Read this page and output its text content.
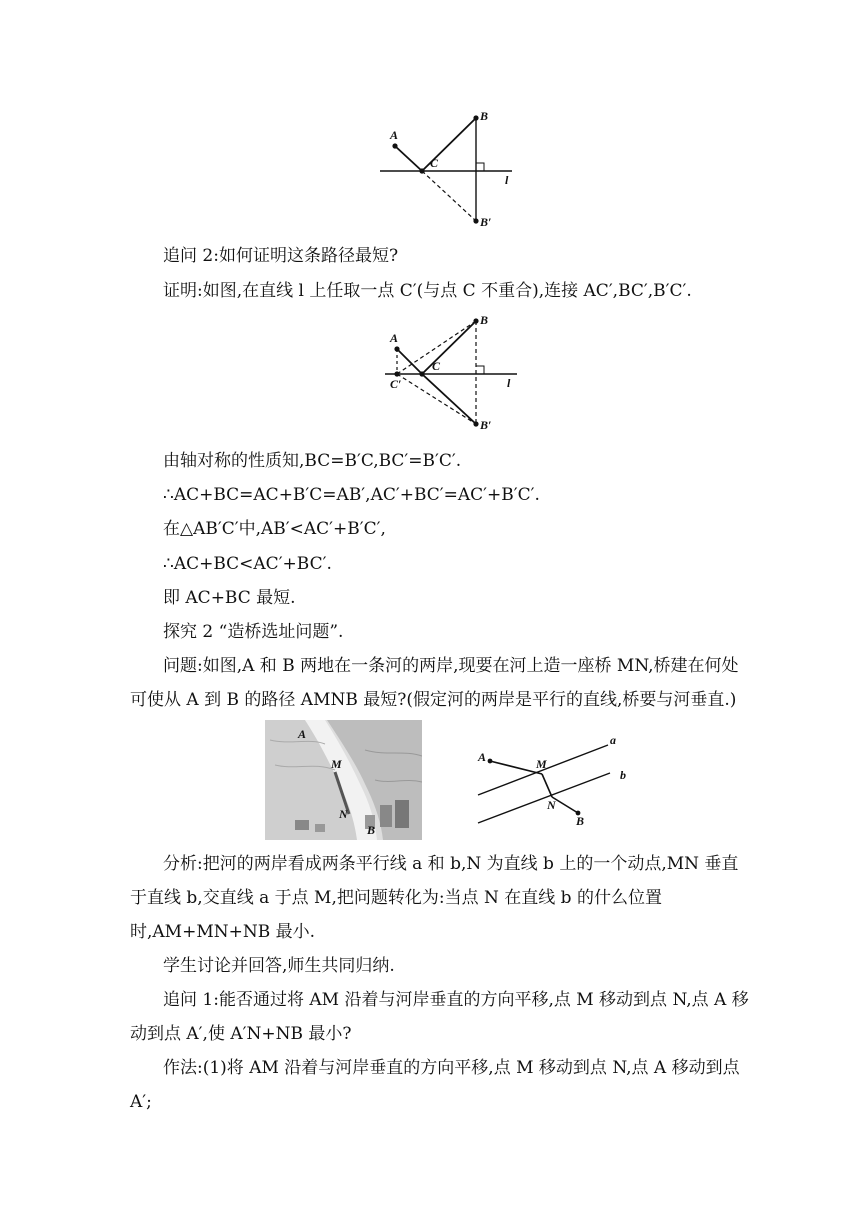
A
C
B
B′
l
追问 2:如何证明这条路径最短?
证明:如图,在直线 l 上任取一点 C′(与点 C 不重合),连接 AC′,BC′,B′C′.
A
C
C′
B
B′
l
由轴对称的性质知,BC=B′C,BC′=B′C′.
∴AC+BC=AC+B′C=AB′,AC′+BC′=AC′+B′C′.
在△AB′C′中,AB′<AC′+B′C′,
∴AC+BC<AC′+BC′.
即 AC+BC 最短.
探究 2 “造桥选址问题”.
问题:如图,A 和 B 两地在一条河的两岸,现要在河上造一座桥 MN,桥建在何处
可使从 A 到 B 的路径 AMNB 最短?(假定河的两岸是平行的直线,桥要与河垂直.)
A
M
N
B
A	M
N
B
a
b
分析:把河的两岸看成两条平行线 a 和 b,N 为直线 b 上的一个动点,MN 垂直
于直线 b,交直线 a 于点 M,把问题转化为:当点 N 在直线 b 的什么位置
时,AM+MN+NB 最小.
学生讨论并回答,师生共同归纳.
追问 1:能否通过将 AM 沿着与河岸垂直的方向平移,点 M 移动到点 N,点 A 移
动到点 A′,使 A′N+NB 最小?
作法:(1)将 AM 沿着与河岸垂直的方向平移,点 M 移动到点 N,点 A 移动到点
A′;
